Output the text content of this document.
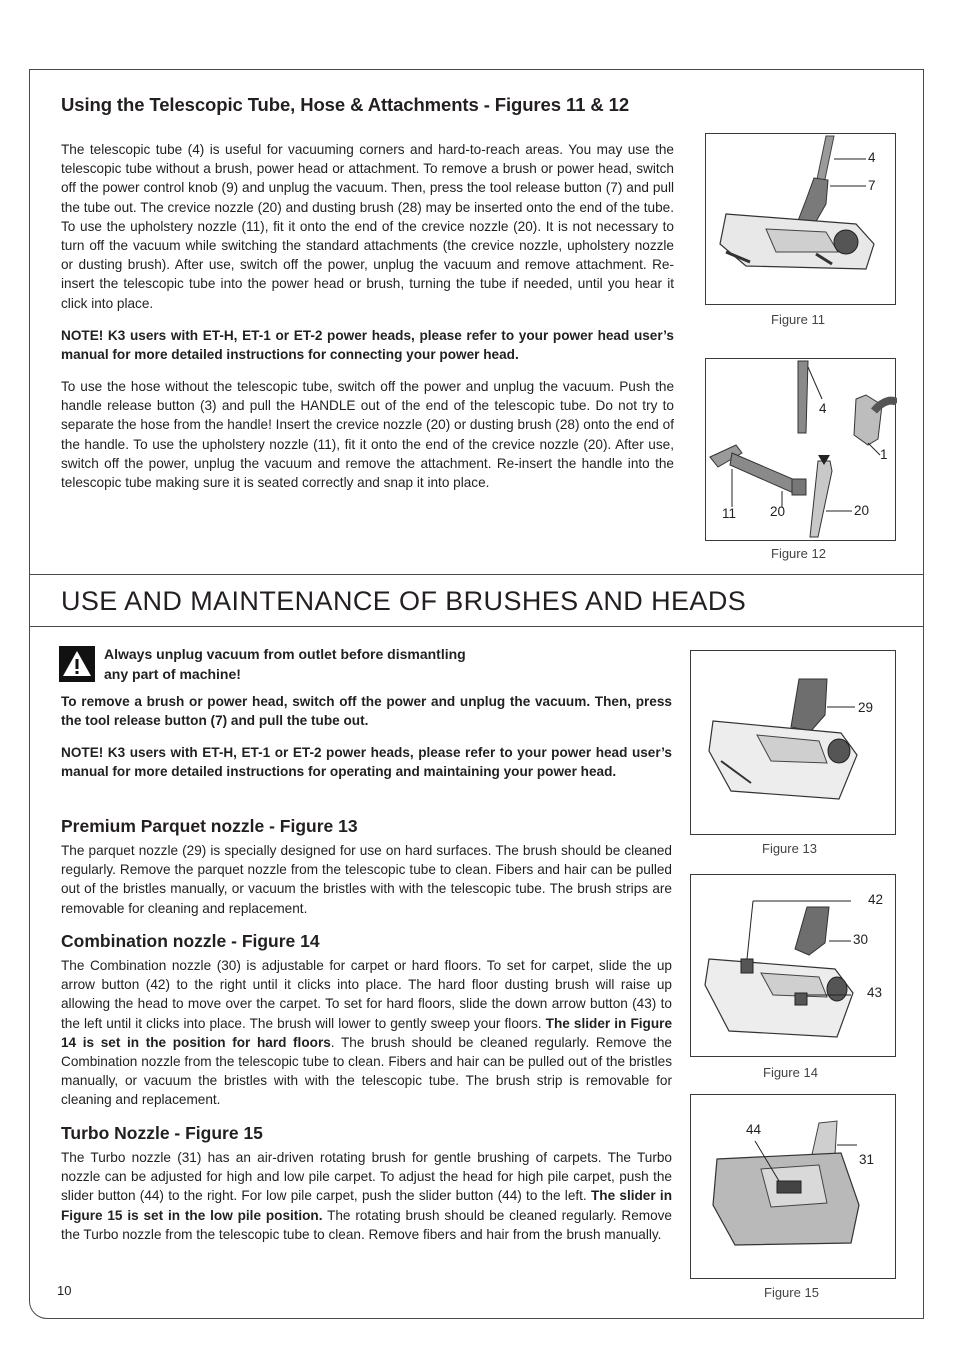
Using the Telescopic Tube, Hose & Attachments - Figures 11 & 12
The telescopic tube (4) is useful for vacuuming corners and hard-to-reach areas. You may use the telescopic tube without a brush, power head or attachment. To remove a brush or power head, switch off the power control knob (9) and unplug the vacuum. Then, press the tool release button (7) and pull the tube out. The crevice nozzle (20) and dusting brush (28) may be inserted onto the end of the tube. To use the upholstery nozzle (11), fit it onto the end of the crevice nozzle (20). It is not necessary to turn off the vacuum while switching the standard attachments (the crevice nozzle, upholstery nozzle or dusting brush). After use, switch off the power, unplug the vacuum and remove attachment. Re-insert the telescopic tube into the power head or brush, turning the tube if needed, until you hear it click into place.
NOTE! K3 users with ET-H, ET-1 or ET-2 power heads, please refer to your power head user’s manual for more detailed instructions for connecting your power head.
To use the hose without the telescopic tube, switch off the power and unplug the vacuum. Push the handle release button (3) and pull the HANDLE out of the end of the telescopic tube. Do not try to separate the hose from the handle! Insert the crevice nozzle (20) or dusting brush (28) onto the end of the handle. To use the upholstery nozzle (11), fit it onto the end of the crevice nozzle (20). After use, switch off the power, unplug the vacuum and remove the attachment. Re-insert the handle into the telescopic tube making sure it is seated correctly and snap it into place.
4
7
Figure 11
4
1
11	20	20
Figure 12
USE AND MAINTENANCE OF BRUSHES AND HEADS
Always unplug vacuum from outlet before dismantling
any part of machine!
To remove a brush or power head, switch off the power and unplug the vacuum. Then, press the tool release button (7) and pull the tube out.
NOTE! K3 users with ET-H, ET-1 or ET-2 power heads, please refer to your power head user’s manual for more detailed instructions for operating and maintaining your power head.
Premium Parquet nozzle - Figure 13
The parquet nozzle (29) is specially designed for use on hard surfaces. The brush should be cleaned regularly. Remove the parquet nozzle from the telescopic tube to clean. Fibers and hair can be pulled out of the bristles manually, or vacuum the bristles with with the telescopic tube. The brush strips are removable for cleaning and replacement.
Combination nozzle - Figure 14
The Combination nozzle (30) is adjustable for carpet or hard floors. To set for carpet, slide the up arrow button (42) to the right until it clicks into place. The hard floor dusting brush will raise up allowing the head to move over the carpet. To set for hard floors, slide the down arrow button (43) to the left until it clicks into place. The brush will lower to gently sweep your floors. The slider in Figure 14 is set in the position for hard floors. The brush should be cleaned regularly. Remove the Combination nozzle from the telescopic tube to clean. Fibers and hair can be pulled out of the bristles manually, or vacuum the bristles with with the telescopic tube. The brush strip is removable for cleaning and replacement.
Turbo Nozzle - Figure 15
The Turbo nozzle (31) has an air-driven rotating brush for gentle brushing of carpets. The Turbo nozzle can be adjusted for high and low pile carpet. To adjust the head for high pile carpet, push the slider button (44) to the right. For low pile carpet, push the slider button (44) to the left. The slider in Figure 15 is set in the low pile position. The rotating brush should be cleaned regularly. Remove the Turbo nozzle from the telescopic tube to clean. Remove fibers and hair from the brush manually.
29
Figure 13
42
30
43
Figure 14
44
31
Figure 15
10
